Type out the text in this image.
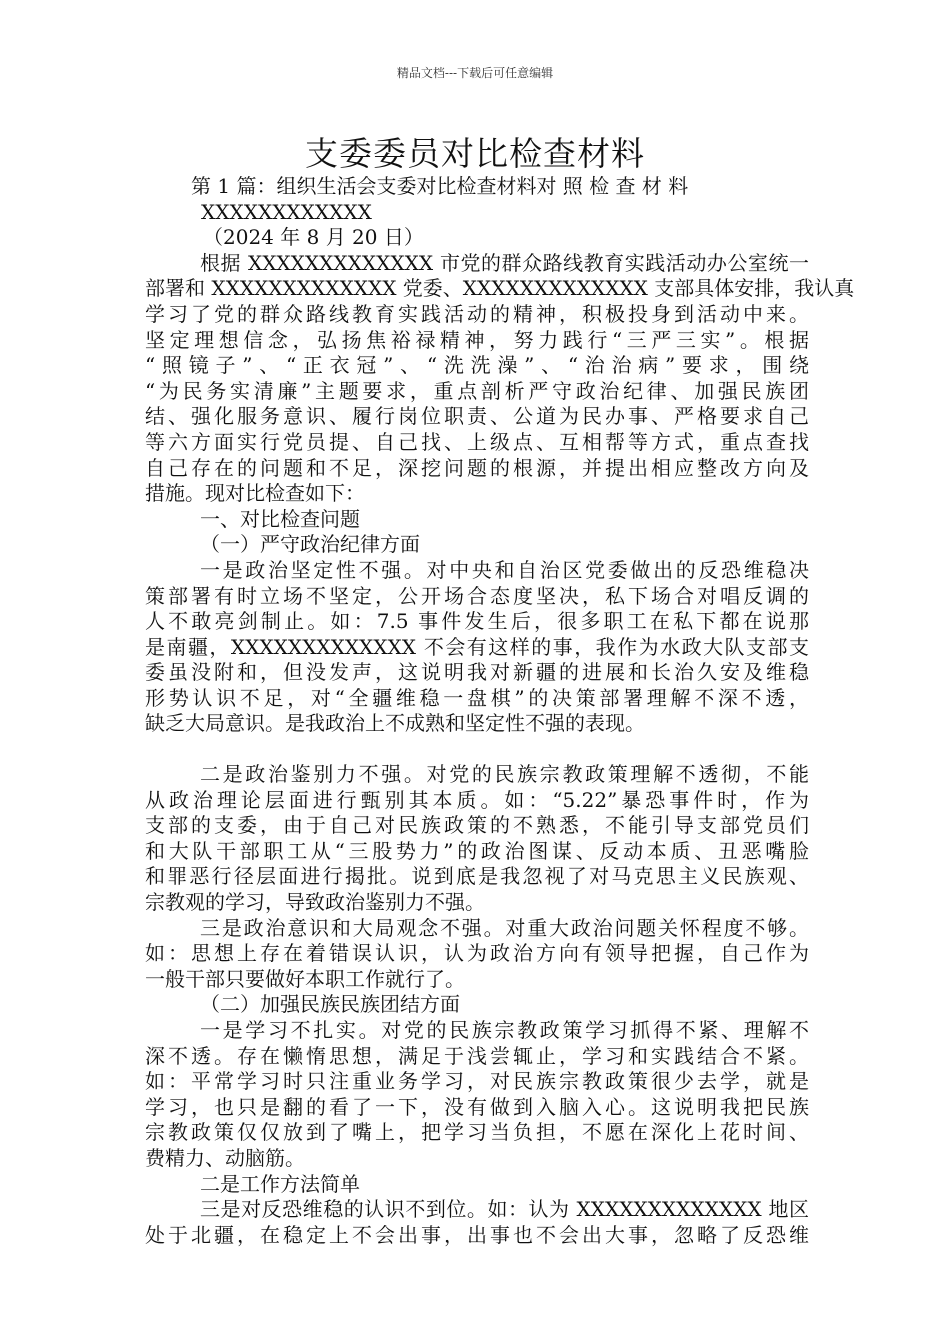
精品文档---下载后可任意编辑
支委委员对比检查材料
第 1 篇：组织生活会支委对比检查材料对 照 检 查 材 料
XXXXXXXXXXXX
（2024 年 8 月 20 日）
根据 XXXXXXXXXXXXX 市党的群众路线教育实践活动办公室统一
部署和 XXXXXXXXXXXXX 党委、XXXXXXXXXXXXX 支部具体安排，我认真
学习了党的群众路线教育实践活动的精神，积极投身到活动中来。
坚定理想信念，弘扬焦裕禄精神，努力践行“三严三实”。根据
“照镜子”、“正衣冠”、“洗洗澡”、“治治病”要求，围绕
“为民务实清廉”主题要求，重点剖析严守政治纪律、加强民族团
结、强化服务意识、履行岗位职责、公道为民办事、严格要求自己
等六方面实行党员提、自己找、上级点、互相帮等方式，重点查找
自己存在的问题和不足，深挖问题的根源，并提出相应整改方向及
措施。现对比检查如下：
一、对比检查问题
（一）严守政治纪律方面
一是政治坚定性不强。对中央和自治区党委做出的反恐维稳决
策部署有时立场不坚定，公开场合态度坚决，私下场合对唱反调的
人不敢亮剑制止。如：7.5 事件发生后，很多职工在私下都在说那
是南疆，XXXXXXXXXXXXX 不会有这样的事，我作为水政大队支部支
委虽没附和，但没发声，这说明我对新疆的进展和长治久安及维稳
形势认识不足，对“全疆维稳一盘棋”的决策部署理解不深不透，
缺乏大局意识。是我政治上不成熟和坚定性不强的表现。
二是政治鉴别力不强。对党的民族宗教政策理解不透彻，不能
从政治理论层面进行甄别其本质。如：“5.22”暴恐事件时，作为
支部的支委，由于自己对民族政策的不熟悉，不能引导支部党员们
和大队干部职工从“三股势力”的政治图谋、反动本质、丑恶嘴脸
和罪恶行径层面进行揭批。说到底是我忽视了对马克思主义民族观、
宗教观的学习，导致政治鉴别力不强。
三是政治意识和大局观念不强。对重大政治问题关怀程度不够。
如：思想上存在着错误认识，认为政治方向有领导把握，自己作为
一般干部只要做好本职工作就行了。
（二）加强民族民族团结方面
一是学习不扎实。对党的民族宗教政策学习抓得不紧、理解不
深不透。存在懒惰思想，满足于浅尝辄止，学习和实践结合不紧。
如：平常学习时只注重业务学习，对民族宗教政策很少去学，就是
学习，也只是翻的看了一下，没有做到入脑入心。这说明我把民族
宗教政策仅仅放到了嘴上，把学习当负担，不愿在深化上花时间、
费精力、动脑筋。
二是工作方法简单
三是对反恐维稳的认识不到位。如：认为 XXXXXXXXXXXXX 地区
处于北疆，在稳定上不会出事，出事也不会出大事，忽略了反恐维
